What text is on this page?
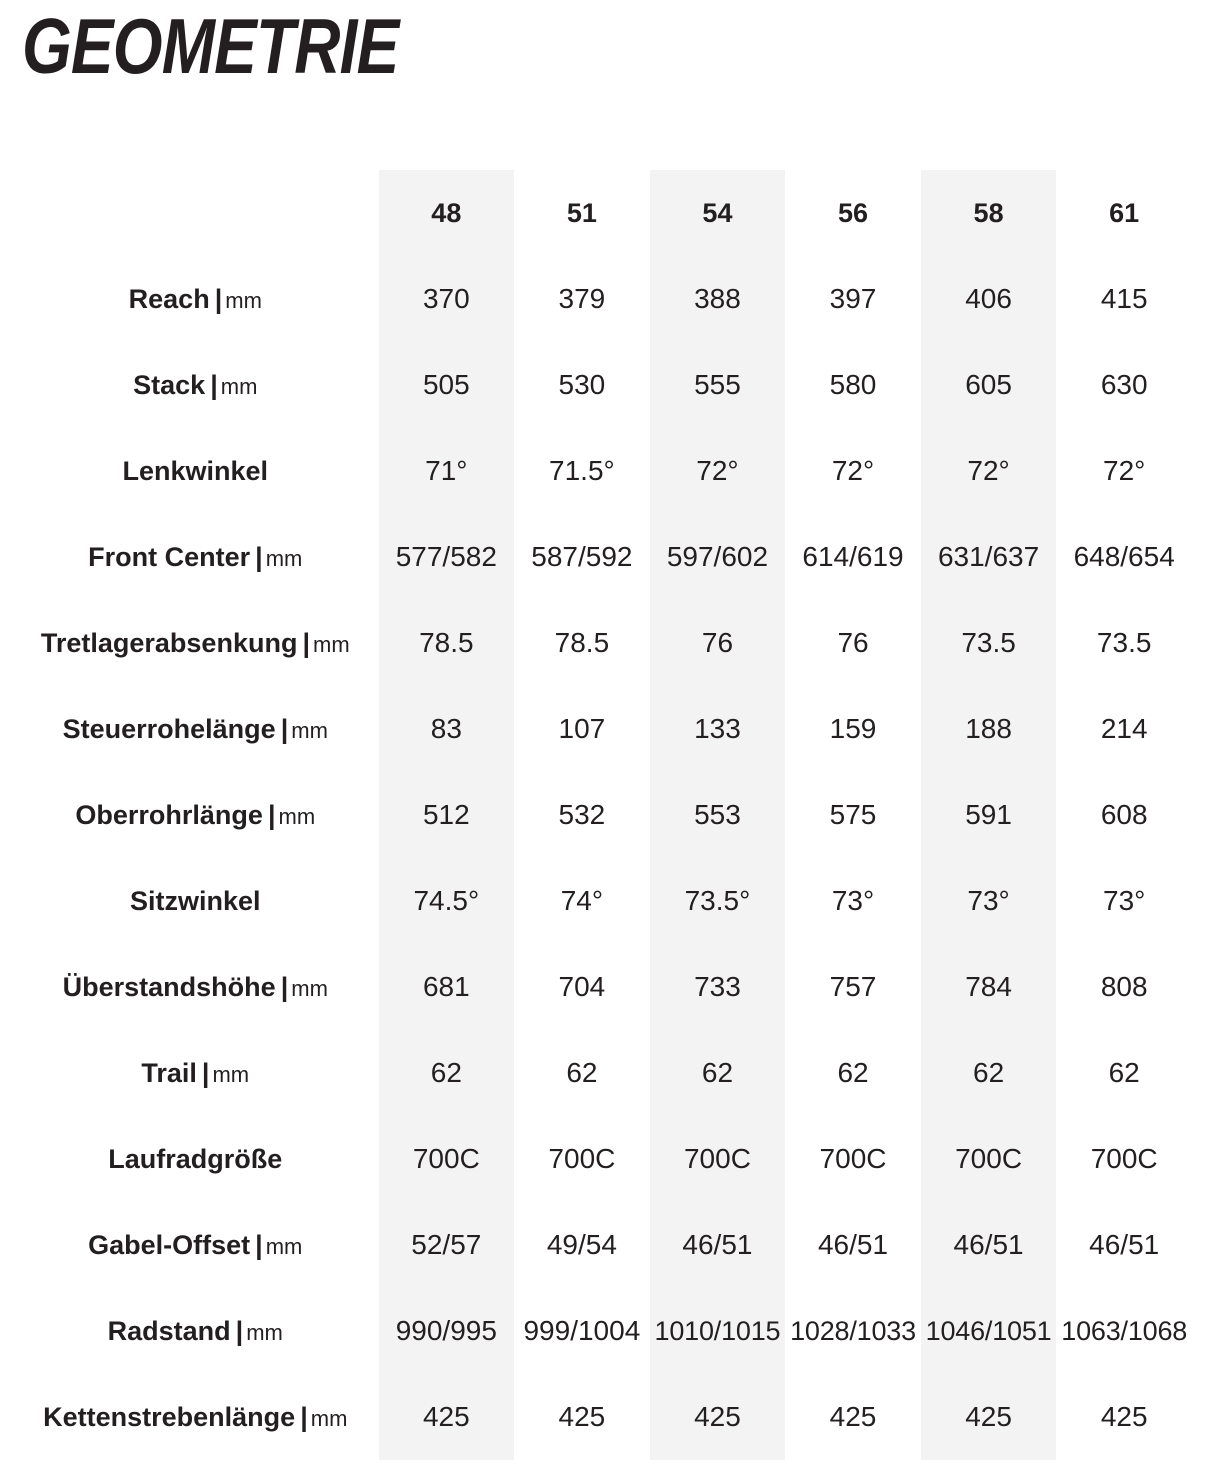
GEOMETRIE
	48	51	54	56	58	61
Reach | mm	370	379	388	397	406	415
Stack | mm	505	530	555	580	605	630
Lenkwinkel	71°	71.5°	72°	72°	72°	72°
Front Center | mm	577/582	587/592	597/602	614/619	631/637	648/654
Tretlagerabsenkung | mm	78.5	78.5	76	76	73.5	73.5
Steuerrohelänge | mm	83	107	133	159	188	214
Oberrohrlänge | mm	512	532	553	575	591	608
Sitzwinkel	74.5°	74°	73.5°	73°	73°	73°
Überstandshöhe | mm	681	704	733	757	784	808
Trail | mm	62	62	62	62	62	62
Laufradgröße	700C	700C	700C	700C	700C	700C
Gabel-Offset | mm	52/57	49/54	46/51	46/51	46/51	46/51
Radstand | mm	990/995	999/1004	1010/1015	1028/1033	1046/1051	1063/1068
Kettenstrebenlänge | mm	425	425	425	425	425	425
